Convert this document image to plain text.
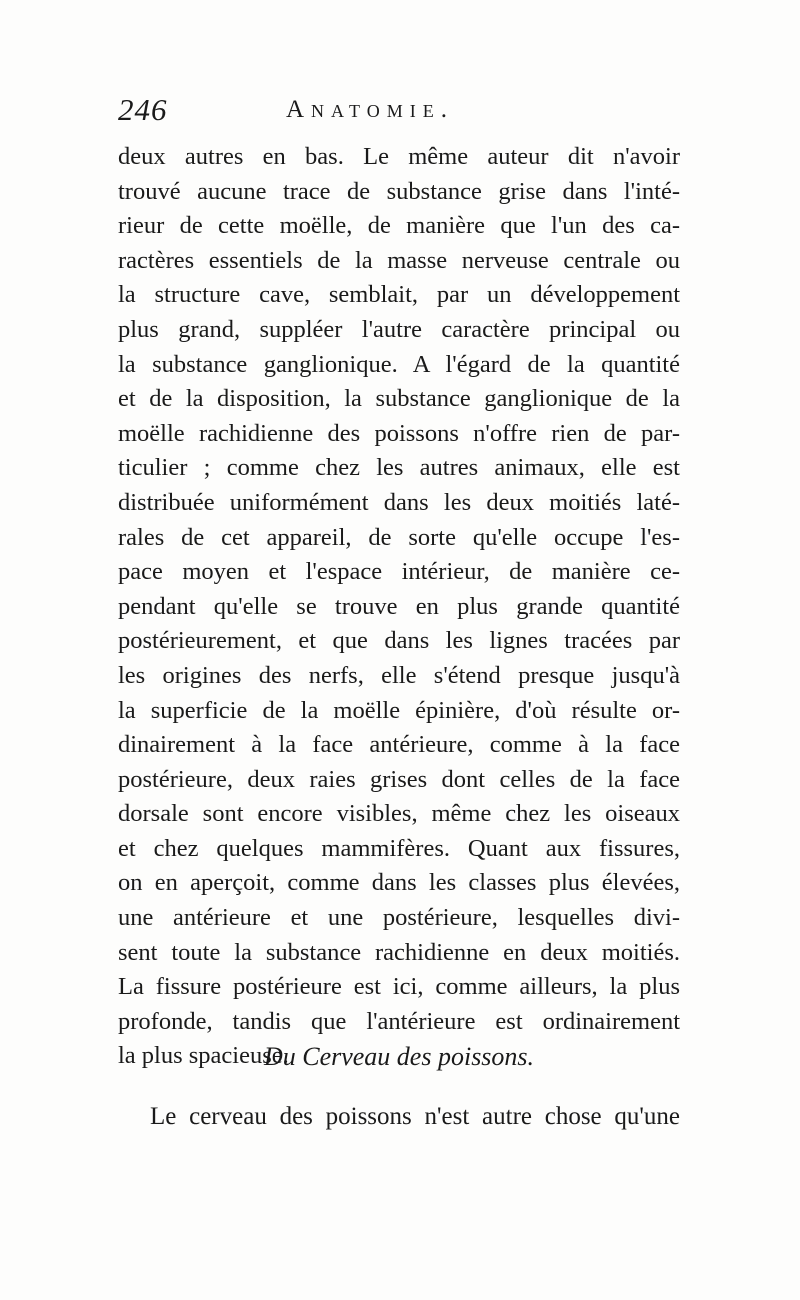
246	Anatomie.
deux autres en bas. Le même auteur dit n'avoir
trouvé aucune trace de substance grise dans l'inté-
rieur de cette moëlle, de manière que l'un des ca-
ractères essentiels de la masse nerveuse centrale ou
la structure cave, semblait, par un développement
plus grand, suppléer l'autre caractère principal ou
la substance ganglionique. A l'égard de la quantité
et de la disposition, la substance ganglionique de la
moëlle rachidienne des poissons n'offre rien de par-
ticulier ; comme chez les autres animaux, elle est
distribuée uniformément dans les deux moitiés laté-
rales de cet appareil, de sorte qu'elle occupe l'es-
pace moyen et l'espace intérieur, de manière ce-
pendant qu'elle se trouve en plus grande quantité
postérieurement, et que dans les lignes tracées par
les origines des nerfs, elle s'étend presque jusqu'à
la superficie de la moëlle épinière, d'où résulte or-
dinairement à la face antérieure, comme à la face
postérieure, deux raies grises dont celles de la face
dorsale sont encore visibles, même chez les oiseaux
et chez quelques mammifères. Quant aux fissures,
on en aperçoit, comme dans les classes plus élevées,
une antérieure et une postérieure, lesquelles divi-
sent toute la substance rachidienne en deux moitiés.
La fissure postérieure est ici, comme ailleurs, la plus
profonde, tandis que l'antérieure est ordinairement
la plus spacieuse.
Du Cerveau des poissons.
Le cerveau des poissons n'est autre chose qu'une
